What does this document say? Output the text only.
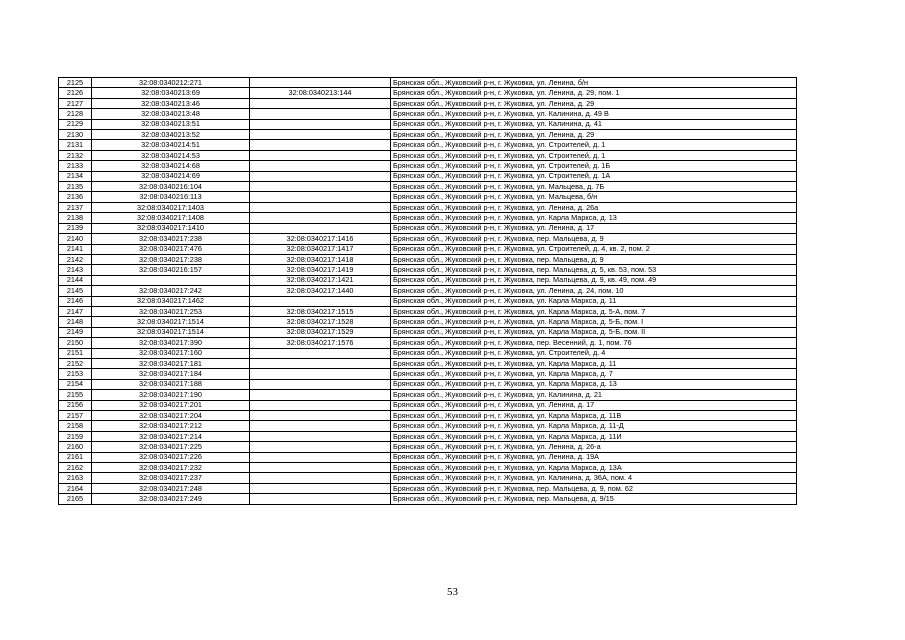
2125	32:08:0340212:271		Брянская обл., Жуковский р-н, г. Жуковка, ул. Ленина, б/н
2126	32:08:0340213:69	32:08:0340213:144	Брянская обл., Жуковский р-н, г. Жуковка, ул. Ленина, д. 29, пом. 1
2127	32:08:0340213:46		Брянская обл., Жуковский р-н, г. Жуковка, ул. Ленина, д. 29
2128	32:08:0340213:48		Брянская обл., Жуковский р-н, г. Жуковка, ул. Калинина, д. 49 В
2129	32:08:0340213:51		Брянская обл., Жуковский р-н, г. Жуковка, ул. Калинина, д. 41
2130	32:08:0340213:52		Брянская обл., Жуковский р-н, г. Жуковка, ул. Ленина, д. 29
2131	32:08:0340214:51		Брянская обл., Жуковский р-н, г. Жуковка, ул. Строителей, д. 1
2132	32:08:0340214:53		Брянская обл., Жуковский р-н, г. Жуковка, ул. Строителей, д. 1
2133	32:08:0340214:68		Брянская обл., Жуковский р-н, г. Жуковка, ул. Строителей, д. 1Б
2134	32:08:0340214:69		Брянская обл., Жуковский р-н, г. Жуковка, ул. Строителей, д. 1А
2135	32:08:0340216:104		Брянская обл., Жуковский р-н, г. Жуковка, ул. Мальцева, д. 7Б
2136	32:08:0340216:113		Брянская обл., Жуковский р-н, г. Жуковка, ул. Мальцева, б/н
2137	32:08:0340217:1403		Брянская обл., Жуковский р-н, г. Жуковка, ул. Ленина, д. 26а
2138	32:08:0340217:1408		Брянская обл., Жуковский р-н, г. Жуковка, ул. Карла Маркса, д. 13
2139	32:08:0340217:1410		Брянская обл., Жуковский р-н, г. Жуковка, ул. Ленина, д. 17
2140	32:08:0340217:238	32:08:0340217:1416	Брянская обл., Жуковский р-н, г. Жуковка, пер. Мальцева, д. 9
2141	32:08:0340217:476	32:08:0340217:1417	Брянская обл., Жуковский р-н, г. Жуковка, ул. Строителей, д. 4, кв. 2, пом. 2
2142	32:08:0340217:238	32:08:0340217:1418	Брянская обл., Жуковский р-н, г. Жуковка, пер. Мальцева, д. 9
2143	32:08:0340216:157	32:08:0340217:1419	Брянская обл., Жуковский р-н, г. Жуковка, пер. Мальцева, д. 5, кв. 53, пом. 53
2144		32:08:0340217:1421	Брянская обл., Жуковский р-н, г. Жуковка, пер. Мальцева, д. 9, кв. 49, пом. 49
2145	32:08:0340217:242	32:08:0340217:1440	Брянская обл., Жуковский р-н, г. Жуковка, ул. Ленина, д. 24, пом. 10
2146	32:08:0340217:1462		Брянская обл., Жуковский р-н, г. Жуковка, ул. Карла Маркса, д. 11
2147	32:08:0340217:253	32:08:0340217:1515	Брянская обл., Жуковский р-н, г. Жуковка, ул. Карла Маркса, д. 5-А, пом. 7
2148	32:08:0340217:1514	32:08:0340217:1528	Брянская обл., Жуковский р-н, г. Жуковка, ул. Карла Маркса, д. 5-Б, пом. I
2149	32:08:0340217:1514	32:08:0340217:1529	Брянская обл., Жуковский р-н, г. Жуковка, ул. Карла Маркса, д. 5-Б, пом. II
2150	32:08:0340217:390	32:08:0340217:1576	Брянская обл., Жуковский р-н, г. Жуковка, пер. Весенний, д. 1, пом. 76
2151	32:08:0340217:160		Брянская обл., Жуковский р-н, г. Жуковка, ул. Строителей, д. 4
2152	32:08:0340217:181		Брянская обл., Жуковский р-н, г. Жуковка, ул. Карла Маркса, д. 11
2153	32:08:0340217:184		Брянская обл., Жуковский р-н, г. Жуковка, ул. Карла Маркса, д. 7
2154	32:08:0340217:188		Брянская обл., Жуковский р-н, г. Жуковка, ул. Карла Маркса, д. 13
2155	32:08:0340217:190		Брянская обл., Жуковский р-н, г. Жуковка, ул. Калинина, д. 21
2156	32:08:0340217:201		Брянская обл., Жуковский р-н, г. Жуковка, ул. Ленина, д. 17
2157	32:08:0340217:204		Брянская обл., Жуковский р-н, г. Жуковка, ул. Карла Маркса, д. 11В
2158	32:08:0340217:212		Брянская обл., Жуковский р-н, г. Жуковка, ул. Карла Маркса, д. 11-Д
2159	32:08:0340217:214		Брянская обл., Жуковский р-н, г. Жуковка, ул. Карла Маркса, д. 11И
2160	32:08:0340217:225		Брянская обл., Жуковский р-н, г. Жуковка, ул. Ленина, д. 26-а
2161	32:08:0340217:226		Брянская обл., Жуковский р-н, г. Жуковка, ул. Ленина, д. 19А
2162	32:08:0340217:232		Брянская обл., Жуковский р-н, г. Жуковка, ул. Карла Маркса, д. 13А
2163	32:08:0340217:237		Брянская обл., Жуковский р-н, г. Жуковка, ул. Калинина, д. 36А, пом. 4
2164	32:08:0340217:248		Брянская обл., Жуковский р-н, г. Жуковка, пер. Мальцева, д. 9, пом. 62
2165	32:08:0340217:249		Брянская обл., Жуковский р-н, г. Жуковка, пер. Мальцева, д. 9/15
53
